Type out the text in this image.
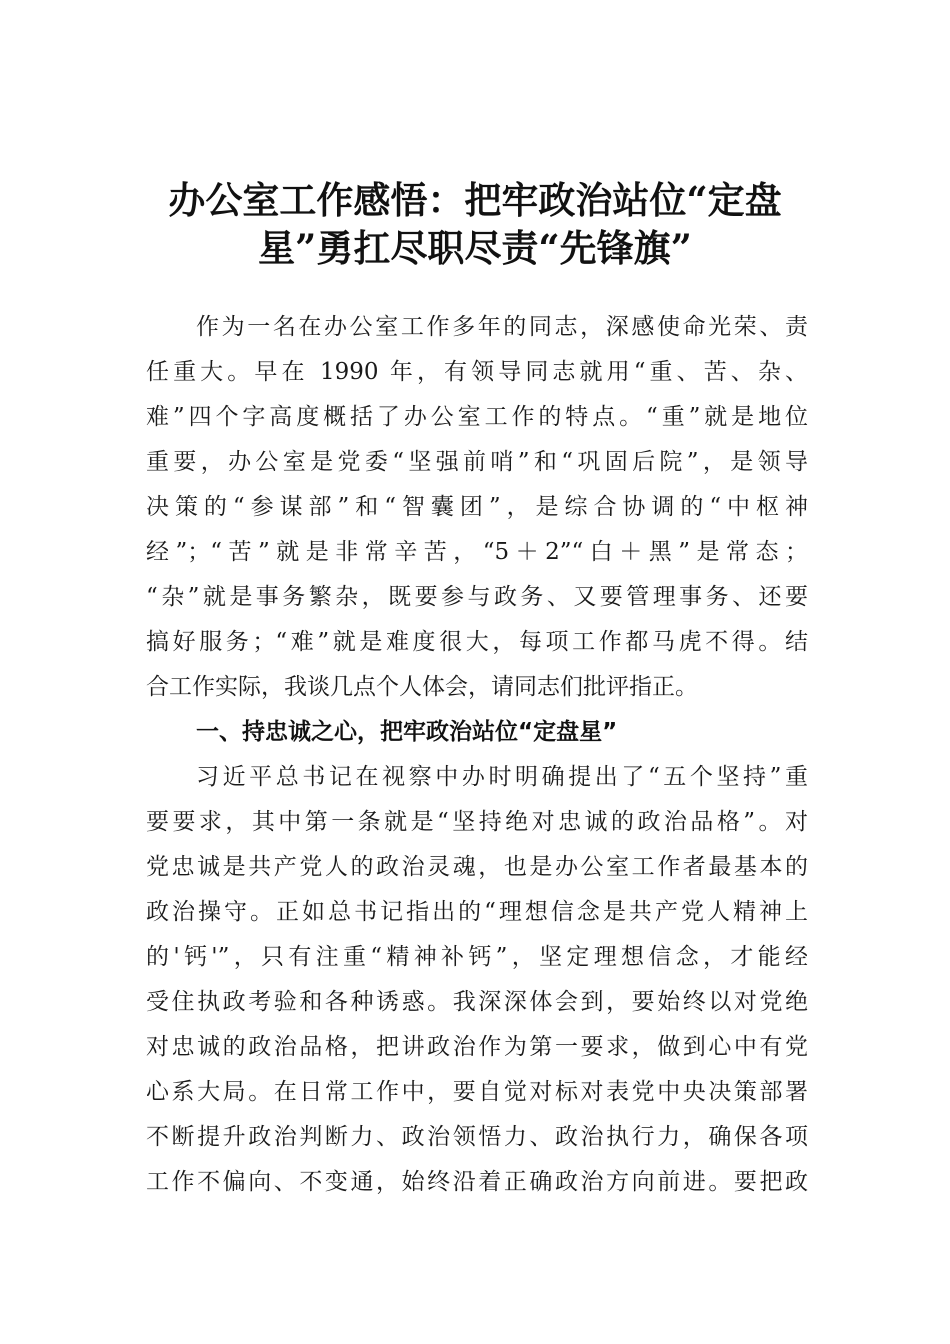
办公室工作感悟：把牢政治站位“定盘
星”勇扛尽职尽责“先锋旗”

作为一名在办公室工作多年的同志，深感使命光荣、责

任重大。早在 1990 年，有领导同志就用“重、苦、杂、

难”四个字高度概括了办公室工作的特点。“重”就是地位

重要，办公室是党委“坚强前哨”和“巩固后院”，是领导

决策的“参谋部”和“智囊团”，是综合协调的“中枢神

经”；“苦”就是非常辛苦，“5＋2”“白＋黑”是常态；

“杂”就是事务繁杂，既要参与政务、又要管理事务、还要

搞好服务；“难”就是难度很大，每项工作都马虎不得。结

合工作实际，我谈几点个人体会，请同志们批评指正。

一、持忠诚之心，把牢政治站位“定盘星”

习近平总书记在视察中办时明确提出了“五个坚持”重

要要求，其中第一条就是“坚持绝对忠诚的政治品格”。对

党忠诚是共产党人的政治灵魂，也是办公室工作者最基本的

政治操守。正如总书记指出的“理想信念是共产党人精神上

的'钙'”，只有注重“精神补钙”，坚定理想信念，才能经

受住执政考验和各种诱惑。我深深体会到，要始终以对党绝

对忠诚的政治品格，把讲政治作为第一要求，做到心中有党

心系大局。在日常工作中，要自觉对标对表党中央决策部署

不断提升政治判断力、政治领悟力、政治执行力，确保各项

工作不偏向、不变通，始终沿着正确政治方向前进。要把政
